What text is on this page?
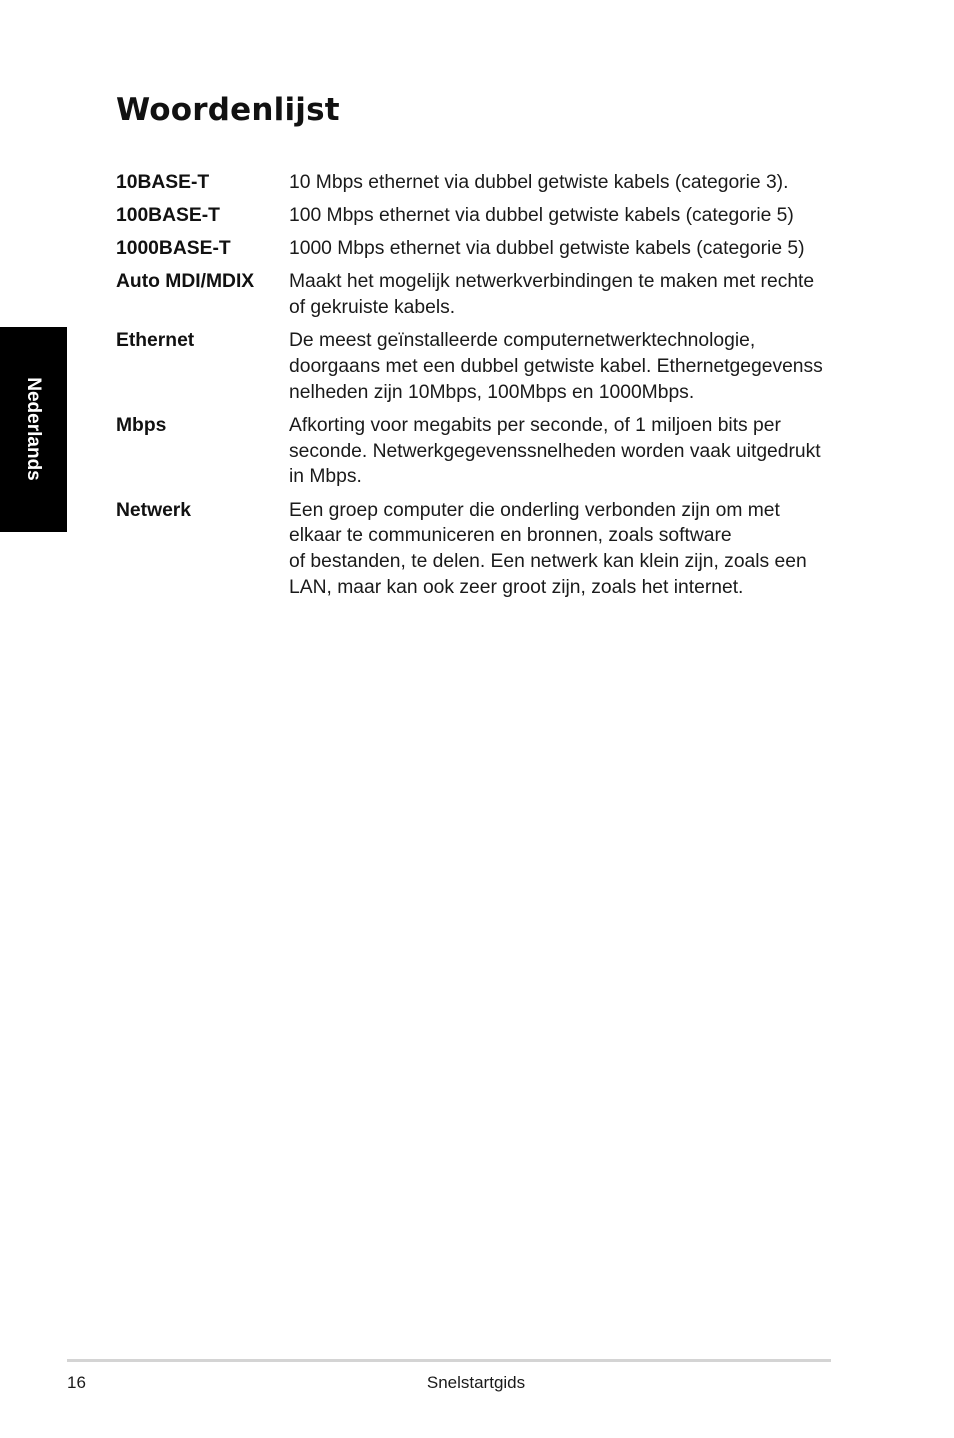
Woordenlijst
Nederlands
10BASE-T	10 Mbps ethernet via dubbel getwiste kabels (categorie 3).
100BASE-T	100 Mbps ethernet via dubbel getwiste kabels (categorie 5)
1000BASE-T	1000 Mbps ethernet via dubbel getwiste kabels (categorie 5)
Auto MDI/MDIX	Maakt het mogelijk netwerkverbindingen te maken met rechte
of gekruiste kabels.
Ethernet	De meest geïnstalleerde computernetwerktechnologie,
doorgaans met een dubbel getwiste kabel. Ethernetgegevenss
nelheden zijn 10Mbps, 100Mbps en 1000Mbps.
Mbps	Afkorting voor megabits per seconde, of 1 miljoen bits per
seconde. Netwerkgegevenssnelheden worden vaak uitgedrukt
in Mbps.
Netwerk	Een groep computer die onderling verbonden zijn om met
elkaar te communiceren en bronnen, zoals software
of bestanden, te delen. Een netwerk kan klein zijn, zoals een
LAN, maar kan ook zeer groot zijn, zoals het internet.
16	Snelstartgids
